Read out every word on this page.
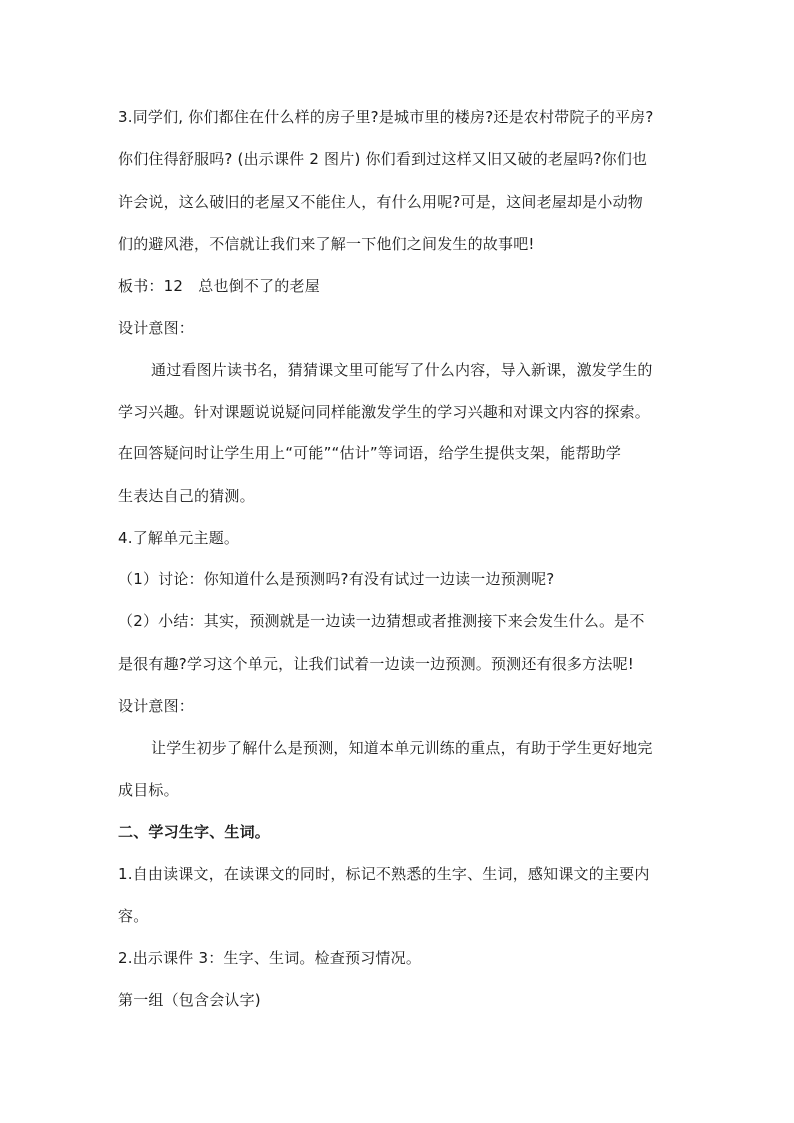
3.同学们, 你们都住在什么样的房子里?是城市里的楼房?还是农村带院子的平房?
你们住得舒服吗? (出示课件 2 图片) 你们看到过这样又旧又破的老屋吗?你们也
许会说，这么破旧的老屋又不能住人，有什么用呢?可是，这间老屋却是小动物
们的避风港，不信就让我们来了解一下他们之间发生的故事吧!
板书：12　总也倒不了的老屋
设计意图：
通过看图片读书名，猜猜课文里可能写了什么内容，导入新课，激发学生的
学习兴趣。针对课题说说疑问同样能激发学生的学习兴趣和对课文内容的探索。
在回答疑问时让学生用上“可能”“估计”等词语，给学生提供支架，能帮助学
生表达自己的猜测。
4.了解单元主题。
（1）讨论：你知道什么是预测吗?有没有试过一边读一边预测呢?
（2）小结：其实，预测就是一边读一边猜想或者推测接下来会发生什么。是不
是很有趣?学习这个单元，让我们试着一边读一边预测。预测还有很多方法呢!
设计意图：
让学生初步了解什么是预测，知道本单元训练的重点，有助于学生更好地完
成目标。
二、学习生字、生词。
1.自由读课文，在读课文的同时，标记不熟悉的生字、生词，感知课文的主要内
容。
2.出示课件 3：生字、生词。检查预习情况。
第一组（包含会认字)
